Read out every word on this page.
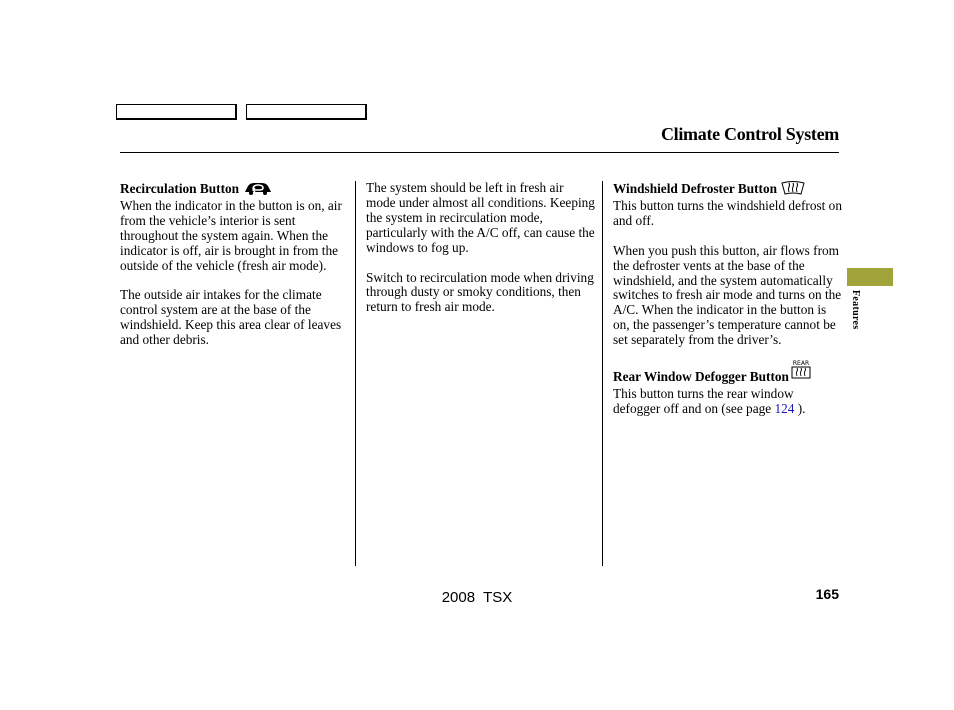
Climate Control System

Recirculation Button

When the indicator in the button is on, air from the vehicle’s interior is sent throughout the system again. When the indicator is off, air is brought in from the outside of the vehicle (fresh air mode).

The outside air intakes for the climate control system are at the base of the windshield. Keep this area clear of leaves and other debris.

The system should be left in fresh air mode under almost all conditions. Keeping the system in recirculation mode, particularly with the A/C off, can cause the windows to fog up.

Switch to recirculation mode when driving through dusty or smoky conditions, then return to fresh air mode.

Windshield Defroster Button

This button turns the windshield defrost on and off.

When you push this button, air flows from the defroster vents at the base of the windshield, and the system automatically switches to fresh air mode and turns on the A/C. When the indicator in the button is on, the passenger’s temperature cannot be set separately from the driver’s.

Rear Window Defogger Button
REAR

This button turns the rear window defogger off and on (see page 124 ).

Features
2008  TSX	165
